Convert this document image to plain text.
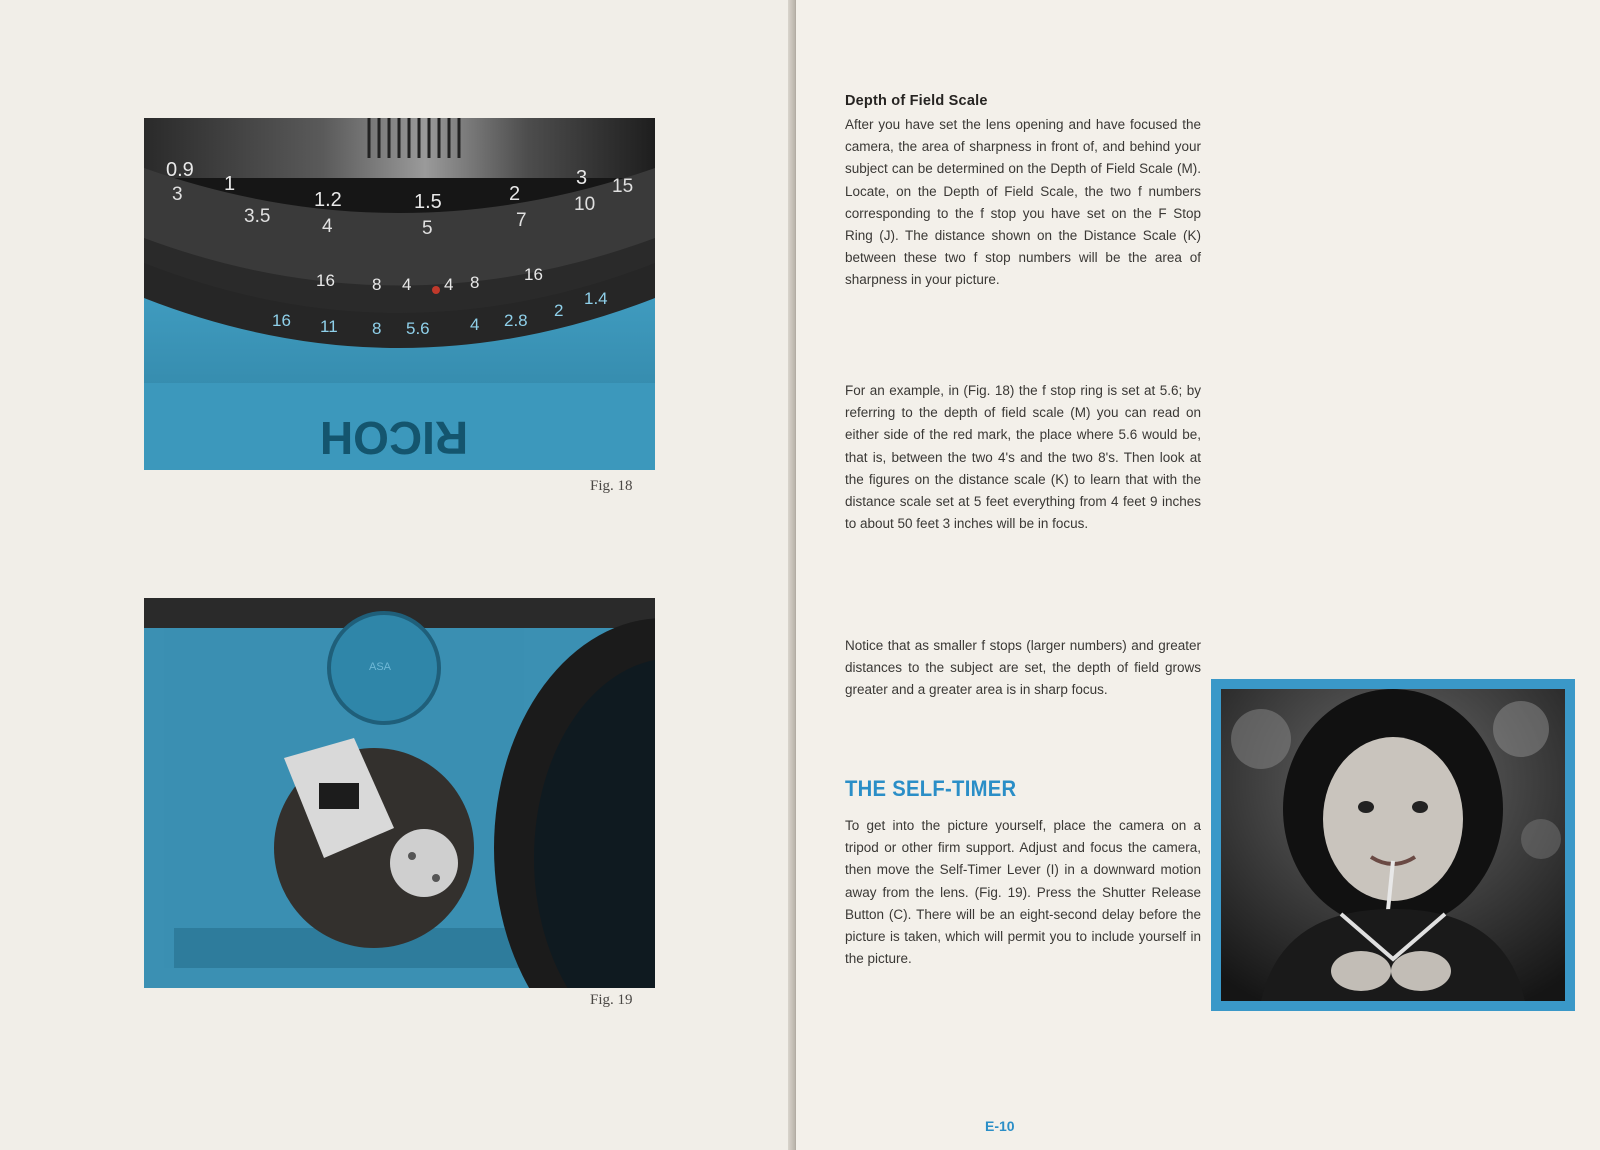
RICOH
0.9
1
1.2	1.5	2
3
3
3.5	4	5	7
10
15
16 8 4 4 8	16
16 11 8 5.6 4 2.8
2
1.4
Fig. 18
ASA
Fig. 19
Depth of Field Scale

After you have set the lens opening and have focused the camera, the area of sharpness in front of, and behind your subject can be determined on the Depth of Field Scale (M). Locate, on the Depth of Field Scale, the two f numbers corresponding to the f stop you have set on the F Stop Ring (J). The distance shown on the Distance Scale (K) between these two f stop numbers will be the area of sharpness in your picture.

For an example, in (Fig. 18) the f stop ring is set at 5.6; by referring to the depth of field scale (M) you can read on either side of the red mark, the place where 5.6 would be, that is, between the two 4's and the two 8's. Then look at the figures on the distance scale (K) to learn that with the distance scale set at 5 feet everything from 4 feet 9 inches to about 50 feet 3 inches will be in focus.

Notice that as smaller f stops (larger numbers) and greater distances to the subject are set, the depth of field grows greater and a greater area is in sharp focus.

THE SELF-TIMER

To get into the picture yourself, place the camera on a tripod or other firm support. Adjust and focus the camera, then move the Self-Timer Lever (I) in a downward motion away from the lens. (Fig. 19). Press the Shutter Release Button (C). There will be an eight-second delay before the picture is taken, which will permit you to include yourself in the picture.

E-10
